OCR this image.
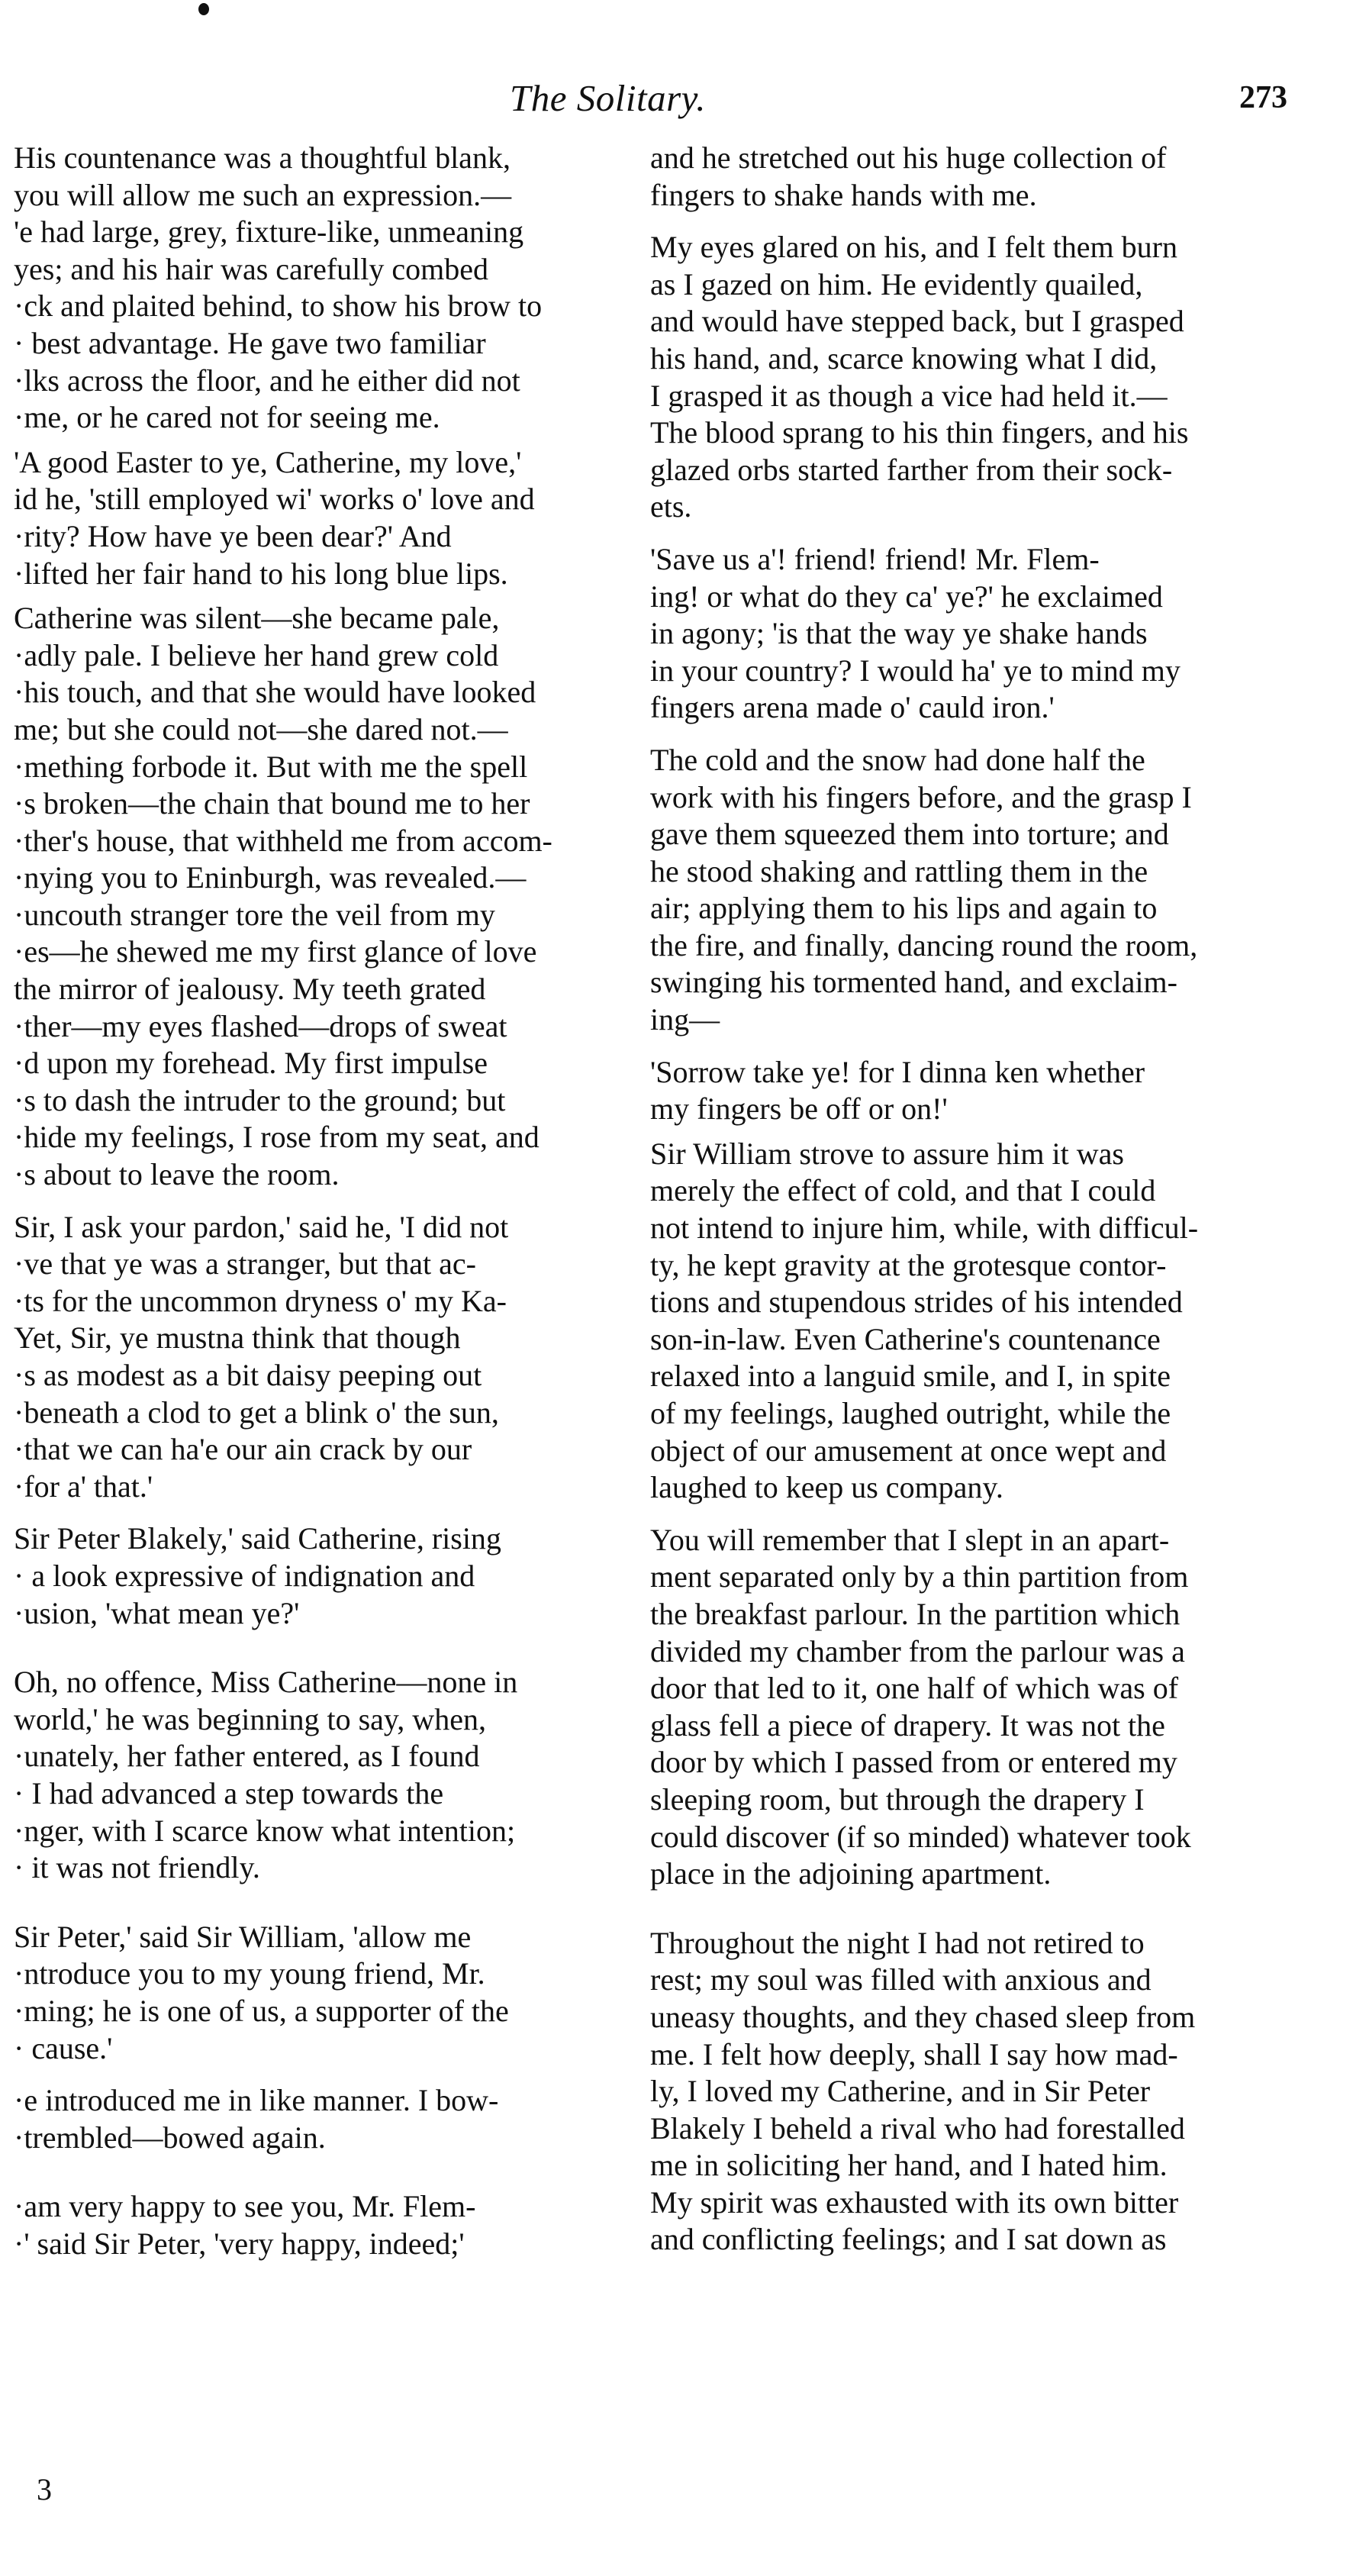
The Solitary.	273
His countenance was a thoughtful blank,
you will allow me such an expression.—
'e had large, grey, fixture-like, unmeaning
yes; and his hair was carefully combed
·ck and plaited behind, to show his brow to
· best advantage. He gave two familiar
·lks across the floor, and he either did not
·me, or he cared not for seeing me.
'A good Easter to ye, Catherine, my love,'
id he, 'still employed wi' works o' love and
·rity? How have ye been dear?' And
·lifted her fair hand to his long blue lips.
Catherine was silent—she became pale,
·adly pale. I believe her hand grew cold
·his touch, and that she would have looked
me; but she could not—she dared not.—
·mething forbode it. But with me the spell
·s broken—the chain that bound me to her
·ther's house, that withheld me from accom-
·nying you to Eninburgh, was revealed.—
·uncouth stranger tore the veil from my
·es—he shewed me my first glance of love
the mirror of jealousy. My teeth grated
·ther—my eyes flashed—drops of sweat
·d upon my forehead. My first impulse
·s to dash the intruder to the ground; but
·hide my feelings, I rose from my seat, and
·s about to leave the room.
Sir, I ask your pardon,' said he, 'I did not
·ve that ye was a stranger, but that ac-
·ts for the uncommon dryness o' my Ka-
Yet, Sir, ye mustna think that though
·s as modest as a bit daisy peeping out
·beneath a clod to get a blink o' the sun,
·that we can ha'e our ain crack by our
·for a' that.'
Sir Peter Blakely,' said Catherine, rising
· a look expressive of indignation and
·usion, 'what mean ye?'
Oh, no offence, Miss Catherine—none in
world,' he was beginning to say, when,
·unately, her father entered, as I found
· I had advanced a step towards the
·nger, with I scarce know what intention;
· it was not friendly.
Sir Peter,' said Sir William, 'allow me
·ntroduce you to my young friend, Mr.
·ming; he is one of us, a supporter of the
· cause.'
·e introduced me in like manner. I bow-
·trembled—bowed again.
·am very happy to see you, Mr. Flem-
·' said Sir Peter, 'very happy, indeed;'
and he stretched out his huge collection of
fingers to shake hands with me.
My eyes glared on his, and I felt them burn
as I gazed on him. He evidently quailed,
and would have stepped back, but I grasped
his hand, and, scarce knowing what I did,
I grasped it as though a vice had held it.—
The blood sprang to his thin fingers, and his
glazed orbs started farther from their sock-
ets.
'Save us a'! friend! friend! Mr. Flem-
ing! or what do they ca' ye?' he exclaimed
in agony; 'is that the way ye shake hands
in your country? I would ha' ye to mind my
fingers arena made o' cauld iron.'
The cold and the snow had done half the
work with his fingers before, and the grasp I
gave them squeezed them into torture; and
he stood shaking and rattling them in the
air; applying them to his lips and again to
the fire, and finally, dancing round the room,
swinging his tormented hand, and exclaim-
ing—
'Sorrow take ye! for I dinna ken whether
my fingers be off or on!'
Sir William strove to assure him it was
merely the effect of cold, and that I could
not intend to injure him, while, with difficul-
ty, he kept gravity at the grotesque contor-
tions and stupendous strides of his intended
son-in-law. Even Catherine's countenance
relaxed into a languid smile, and I, in spite
of my feelings, laughed outright, while the
object of our amusement at once wept and
laughed to keep us company.
You will remember that I slept in an apart-
ment separated only by a thin partition from
the breakfast parlour. In the partition which
divided my chamber from the parlour was a
door that led to it, one half of which was of
glass fell a piece of drapery. It was not the
door by which I passed from or entered my
sleeping room, but through the drapery I
could discover (if so minded) whatever took
place in the adjoining apartment.
Throughout the night I had not retired to
rest; my soul was filled with anxious and
uneasy thoughts, and they chased sleep from
me. I felt how deeply, shall I say how mad-
ly, I loved my Catherine, and in Sir Peter
Blakely I beheld a rival who had forestalled
me in soliciting her hand, and I hated him.
My spirit was exhausted with its own bitter
and conflicting feelings; and I sat down as
3
